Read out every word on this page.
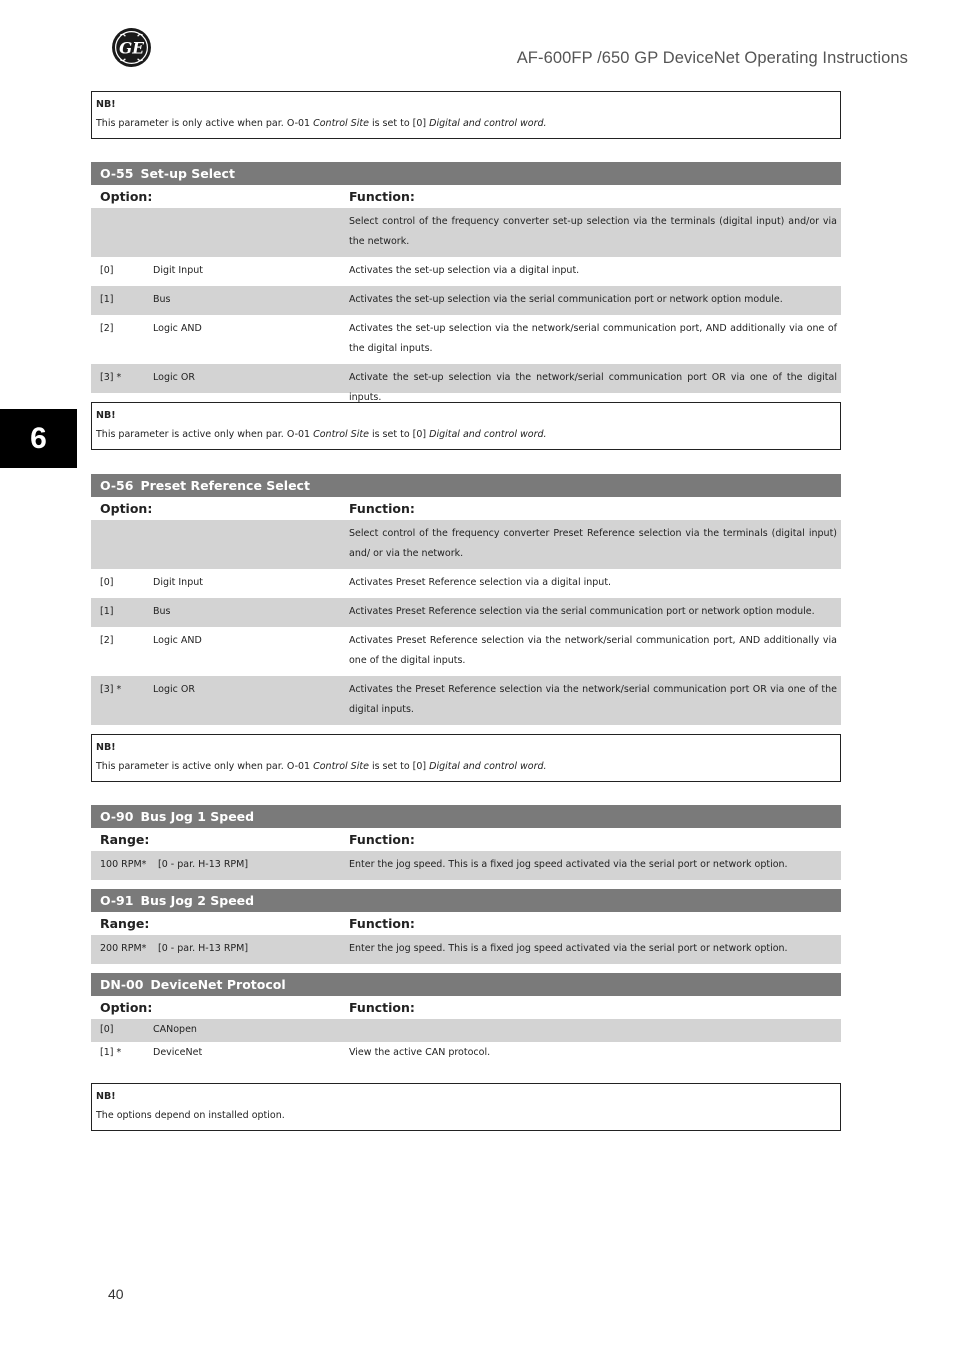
GE
AF-600FP /650 GP DeviceNet Operating Instructions
6
NB!
This parameter is only active when par. O-01 Control Site is set to [0] Digital and control word.
O-55 Set-up Select
Option:	Function:
Select control of the frequency converter set-up selection via the terminals (digital input) and/or via the network.
[0]	Digit Input	Activates the set-up selection via a digital input.
[1]	Bus	Activates the set-up selection via the serial communication port or network option module.
[2]	Logic AND	Activates the set-up selection via the network/serial communication port, AND additionally via one of the digital inputs.
[3] *	Logic OR	Activate the set-up selection via the network/serial communication port OR via one of the digital inputs.
NB!
This parameter is active only when par. O-01 Control Site is set to [0] Digital and control word.
O-56 Preset Reference Select
Option:	Function:
Select control of the frequency converter Preset Reference selection via the terminals (digital input) and/ or via the network.
[0]	Digit Input	Activates Preset Reference selection via a digital input.
[1]	Bus	Activates Preset Reference selection via the serial communication port or network option module.
[2]	Logic AND	Activates Preset Reference selection via the network/serial communication port, AND additionally via one of the digital inputs.
[3] *	Logic OR	Activates the Preset Reference selection via the network/serial communication port OR via one of the digital inputs.
NB!
This parameter is active only when par. O-01 Control Site is set to [0] Digital and control word.
O-90 Bus Jog 1 Speed
Range:	Function:
100 RPM*	[0 - par. H-13 RPM]	Enter the jog speed. This is a fixed jog speed activated via the serial port or network option.
O-91 Bus Jog 2 Speed
Range:	Function:
200 RPM*	[0 - par. H-13 RPM]	Enter the jog speed. This is a fixed jog speed activated via the serial port or network option.
DN-00 DeviceNet Protocol
Option:	Function:
[0]	CANopen
[1] *	DeviceNet	View the active CAN protocol.
NB!
The options depend on installed option.
40
